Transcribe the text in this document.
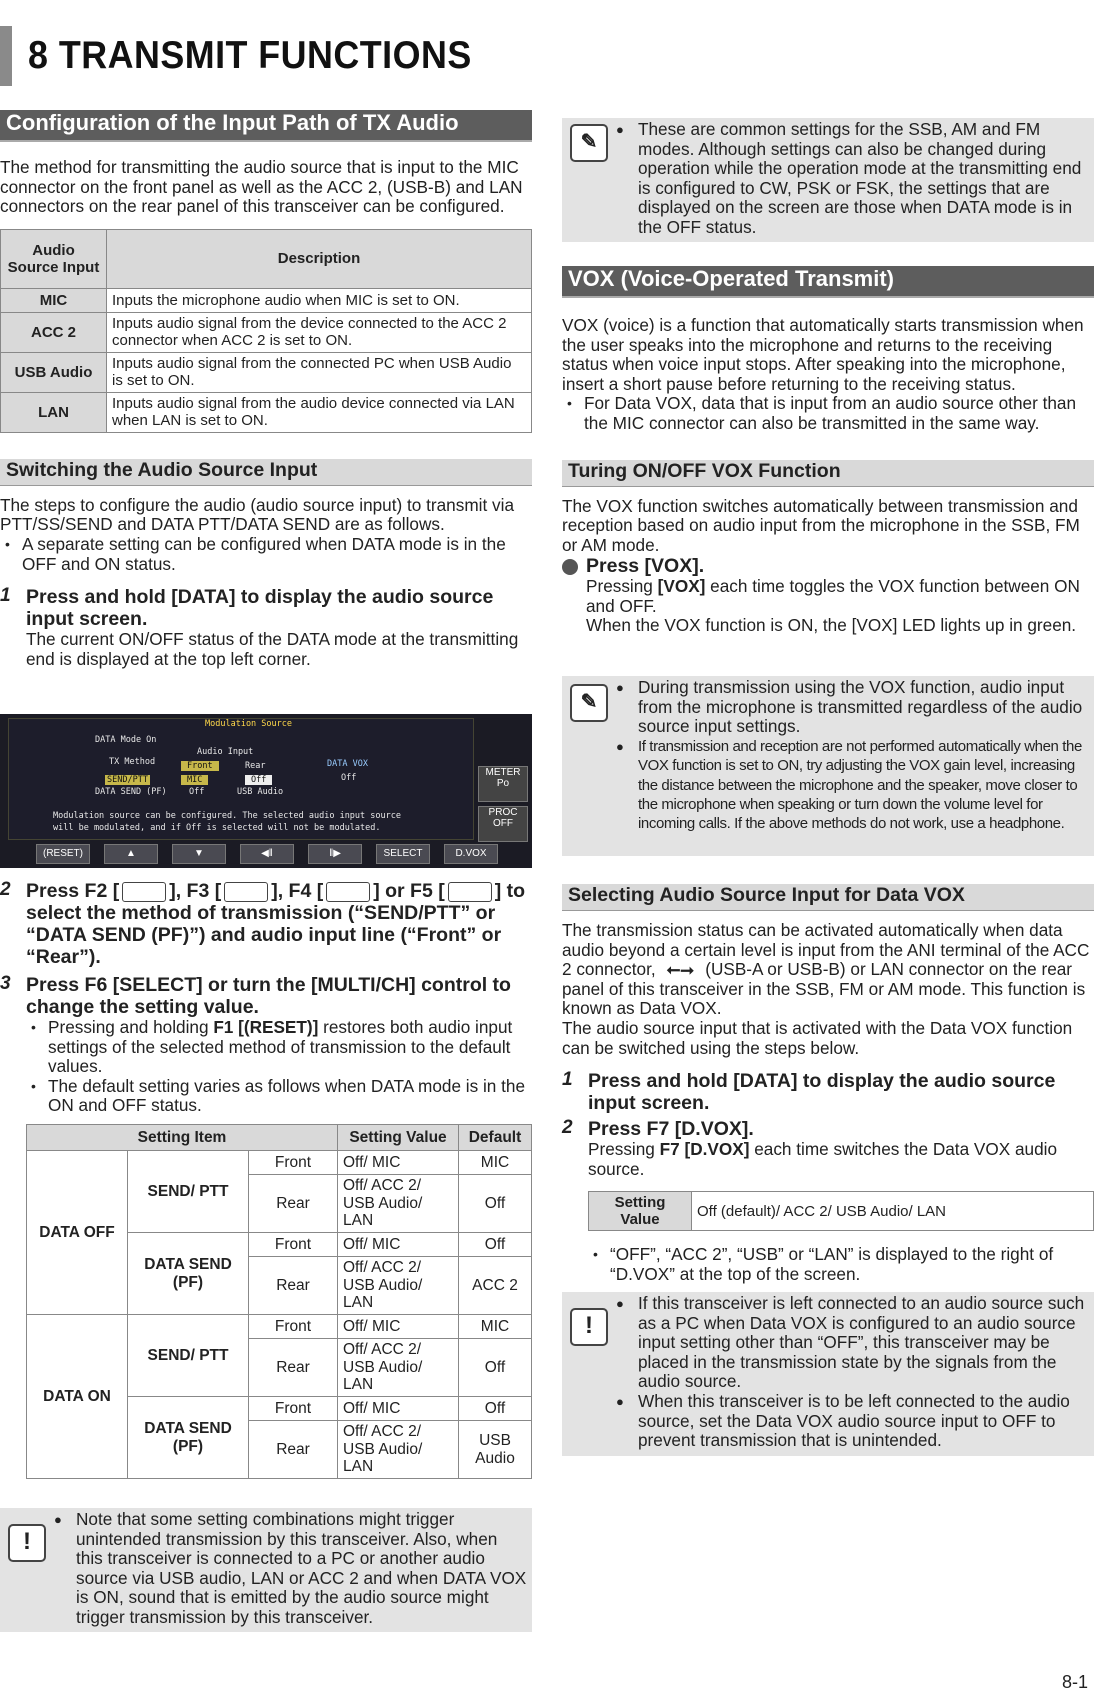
8 TRANSMIT FUNCTIONS
Configuration of the Input Path of TX Audio

The method for transmitting the audio source that is input to the MIC connector on the front panel as well as the ACC 2, (USB-B) and LAN connectors on the rear panel of this transceiver can be configured.

Audio Source Input	Description
MIC	Inputs the microphone audio when MIC is set to ON.
ACC 2	Inputs audio signal from the device connected to the ACC 2 connector when ACC 2 is set to ON.
USB Audio	Inputs audio signal from the connected PC when USB Audio is set to ON.
LAN	Inputs audio signal from the audio device connected via LAN when LAN is set to ON.
Switching the Audio Source Input

The steps to configure the audio (audio source input) to transmit via PTT/SS/SEND and DATA PTT/DATA SEND are as follows.

• A separate setting can be configured when DATA mode is in the OFF and ON status.

1 Press and hold [DATA] to display the audio source input screen.

The current ON/OFF status of the DATA mode at the transmitting end is displayed at the top left corner.

Modulation Source
DATA Mode On
TX Method
Audio Input
Front	Rear	DATA VOX
Off
SEND/PTT	MIC	Off
DATA SEND (PF)	Off	USB Audio
Modulation source can be configured. The selected audio input source
will be modulated, and if Off is selected will not be modulated.
METER
Po
PROC
OFF
(RESET)	▲	▼	◀‖	‖▶	SELECT	D.VOX
2 Press F2 [	], F3 [	], F4 [	] or F5 [	] to select the method of transmission (“SEND/PTT” or “DATA SEND (PF)”) and audio input line (“Front” or “Rear”).
3 Press F6 [SELECT] or turn the [MULTI/CH] control to change the setting value.

• Pressing and holding F1 [(RESET)] restores both audio input settings of the selected method of transmission to the default values.

• The default setting varies as follows when DATA mode is in the ON and OFF status.

Setting Item			Setting Value	Default
DATA OFF	SEND/ PTT	Front	Off/ MIC	MIC
		Rear	Off/ ACC 2/ USB Audio/ LAN	Off
	DATA SEND (PF)	Front	Off/ MIC	Off
		Rear	Off/ ACC 2/ USB Audio/ LAN	ACC 2
DATA ON	SEND/ PTT	Front	Off/ MIC	MIC
		Rear	Off/ ACC 2/ USB Audio/ LAN	Off
	DATA SEND (PF)	Front	Off/ MIC	Off
		Rear	Off/ ACC 2/ USB Audio/ LAN	USB Audio
!

● Note that some setting combinations might trigger unintended transmission by this transceiver. Also, when this transceiver is connected to a PC or another audio source via USB audio, LAN or ACC 2 and when DATA VOX is ON, sound that is emitted by the audio source might trigger transmission by this transceiver.

✎

● These are common settings for the SSB, AM and FM modes. Although settings can also be changed during operation while the operation mode at the transmitting end is configured to CW, PSK or FSK, the settings that are displayed on the screen are those when DATA mode is in the OFF status.

VOX (Voice-Operated Transmit)

VOX (voice) is a function that automatically starts transmission when the user speaks into the microphone and returns to the receiving status when voice input stops. After speaking into the microphone, insert a short pause before returning to the receiving status.

• For Data VOX, data that is input from an audio source other than the MIC connector can also be transmitted in the same way.

Turing ON/OFF VOX Function

The VOX function switches automatically between transmission and reception based on audio input from the microphone in the SSB, FM or AM mode.

Press [VOX].

Pressing [VOX] each time toggles the VOX function between ON and OFF.

When the VOX function is ON, the [VOX] LED lights up in green.

✎

● During transmission using the VOX function, audio input from the microphone is transmitted regardless of the audio source input settings.

● If transmission and reception are not performed automatically when the VOX function is set to ON, try adjusting the VOX gain level, increasing the distance between the microphone and the speaker, move closer to the microphone when speaking or turn down the volume level for incoming calls. If the above methods do not work, use a headphone.

Selecting Audio Source Input for Data VOX

The transmission status can be activated automatically when data audio beyond a certain level is input from the ANI terminal of the ACC 2 connector, ⭠⭢ (USB-A or USB-B) or LAN connector on the rear panel of this transceiver in the SSB, FM or AM mode. This function is known as Data VOX.

The audio source input that is activated with the Data VOX function can be switched using the steps below.

1 Press and hold [DATA] to display the audio source input screen.
2 Press F7 [D.VOX].

Pressing F7 [D.VOX] each time switches the Data VOX audio source.

Setting Value	Off (default)/ ACC 2/ USB Audio/ LAN

• “OFF”, “ACC 2”, “USB” or “LAN” is displayed to the right of “D.VOX” at the top of the screen.

!

● If this transceiver is left connected to an audio source such as a PC when Data VOX is configured to an audio source input setting other than “OFF”, this transceiver may be placed in the transmission state by the signals from the audio source.

● When this transceiver is to be left connected to the audio source, set the Data VOX audio source input to OFF to prevent transmission that is unintended.

8-1
